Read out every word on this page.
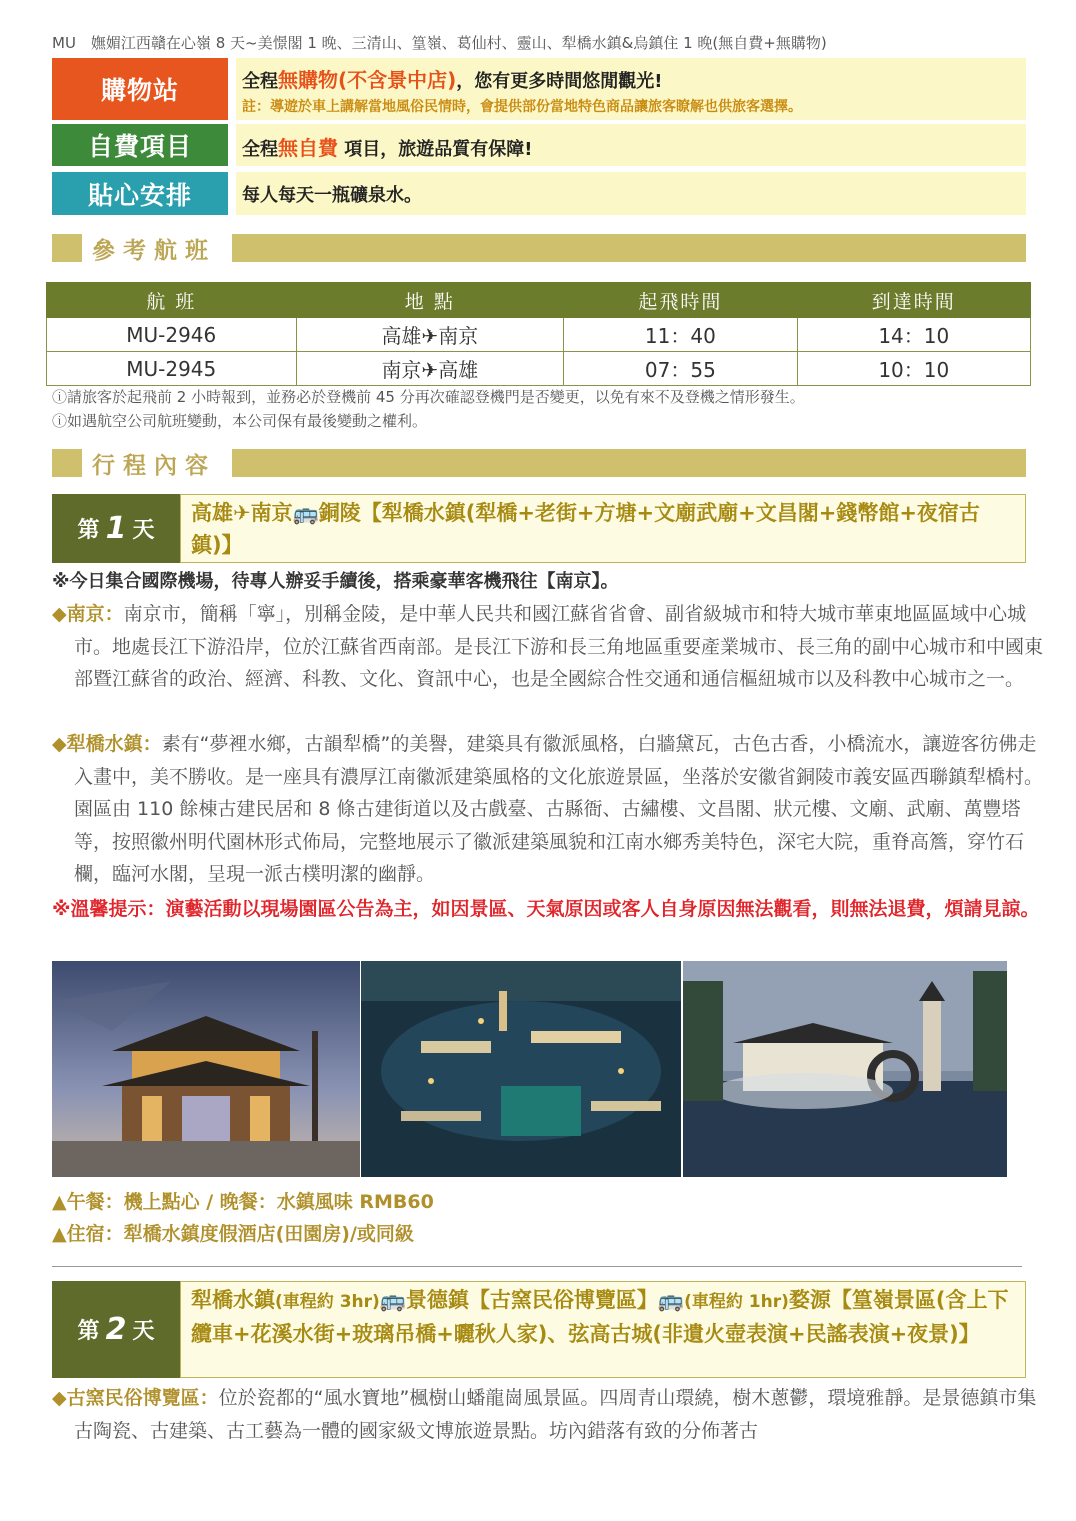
MU　嫵媚江西贛在心嶺 8 天~美憬閣 1 晚、三清山、篁嶺、葛仙村、靈山、犁橋水鎮&烏鎮住 1 晚(無自費+無購物)
購物站	全程無購物(不含景中店)，您有更多時間悠閒觀光!
註：導遊於車上講解當地風俗民情時，會提供部份當地特色商品讓旅客瞭解也供旅客選擇。
自費項目	全程無自費 項目，旅遊品質有保障!
貼心安排	每人每天一瓶礦泉水。
參考航班
航 班	地 點	起飛時間	到達時間
MU-2946	高雄✈南京	11：40	14：10
MU-2945	南京✈高雄	07：55	10：10
ⓘ請旅客於起飛前 2 小時報到，並務必於登機前 45 分再次確認登機門是否變更，以免有來不及登機之情形發生。
ⓘ如遇航空公司航班變動，本公司保有最後變動之權利。
行程內容
第 1 天
高雄✈南京🚌銅陵【犁橋水鎮(犁橋+老街+方塘+文廟武廟+文昌閣+錢幣館+夜宿古鎮)】
※今日集合國際機場，待專人辦妥手續後，搭乘豪華客機飛往【南京】。
◆南京：南京市，簡稱「寧」，別稱金陵，是中華人民共和國江蘇省省會、副省級城市和特大城市華東地區區域中心城市。地處長江下游沿岸，位於江蘇省西南部。是長江下游和長三角地區重要產業城市、長三角的副中心城市和中國東部暨江蘇省的政治、經濟、科教、文化、資訊中心，也是全國綜合性交通和通信樞紐城市以及科教中心城市之一。
◆犁橋水鎮：素有“夢裡水鄉，古韻犁橋”的美譽，建築具有徽派風格，白牆黛瓦，古色古香，小橋流水，讓遊客彷佛走入畫中，美不勝收。是一座具有濃厚江南徽派建築風格的文化旅遊景區，坐落於安徽省銅陵市義安區西聯鎮犁橋村。園區由 110 餘棟古建民居和 8 條古建街道以及古戲臺、古縣衙、古繡樓、文昌閣、狀元樓、文廟、武廟、萬豐塔等，按照徽州明代園林形式佈局，完整地展示了徽派建築風貌和江南水鄉秀美特色，深宅大院，重脊高簷，穿竹石欄，臨河水閣，呈現一派古樸明潔的幽靜。
※溫馨提示：演藝活動以現場園區公告為主，如因景區、天氣原因或客人自身原因無法觀看，則無法退費，煩請見諒。
▲午餐：機上點心 / 晚餐：水鎮風味 RMB60
▲住宿：犁橋水鎮度假酒店(田園房)/或同級
第 2 天
犁橋水鎮(車程約 3hr)🚌景德鎮【古窯民俗博覽區】🚌(車程約 1hr)婺源【篁嶺景區(含上下纜車+花溪水街+玻璃吊橋+曬秋人家)、弦高古城(非遺火壺表演+民謠表演+夜景)】
◆古窯民俗博覽區：位於瓷都的“風水寶地”楓樹山蟠龍崗風景區。四周青山環繞，樹木蔥鬱，環境雅靜。是景德鎮市集古陶瓷、古建築、古工藝為一體的國家級文博旅遊景點。坊內錯落有致的分佈著古
